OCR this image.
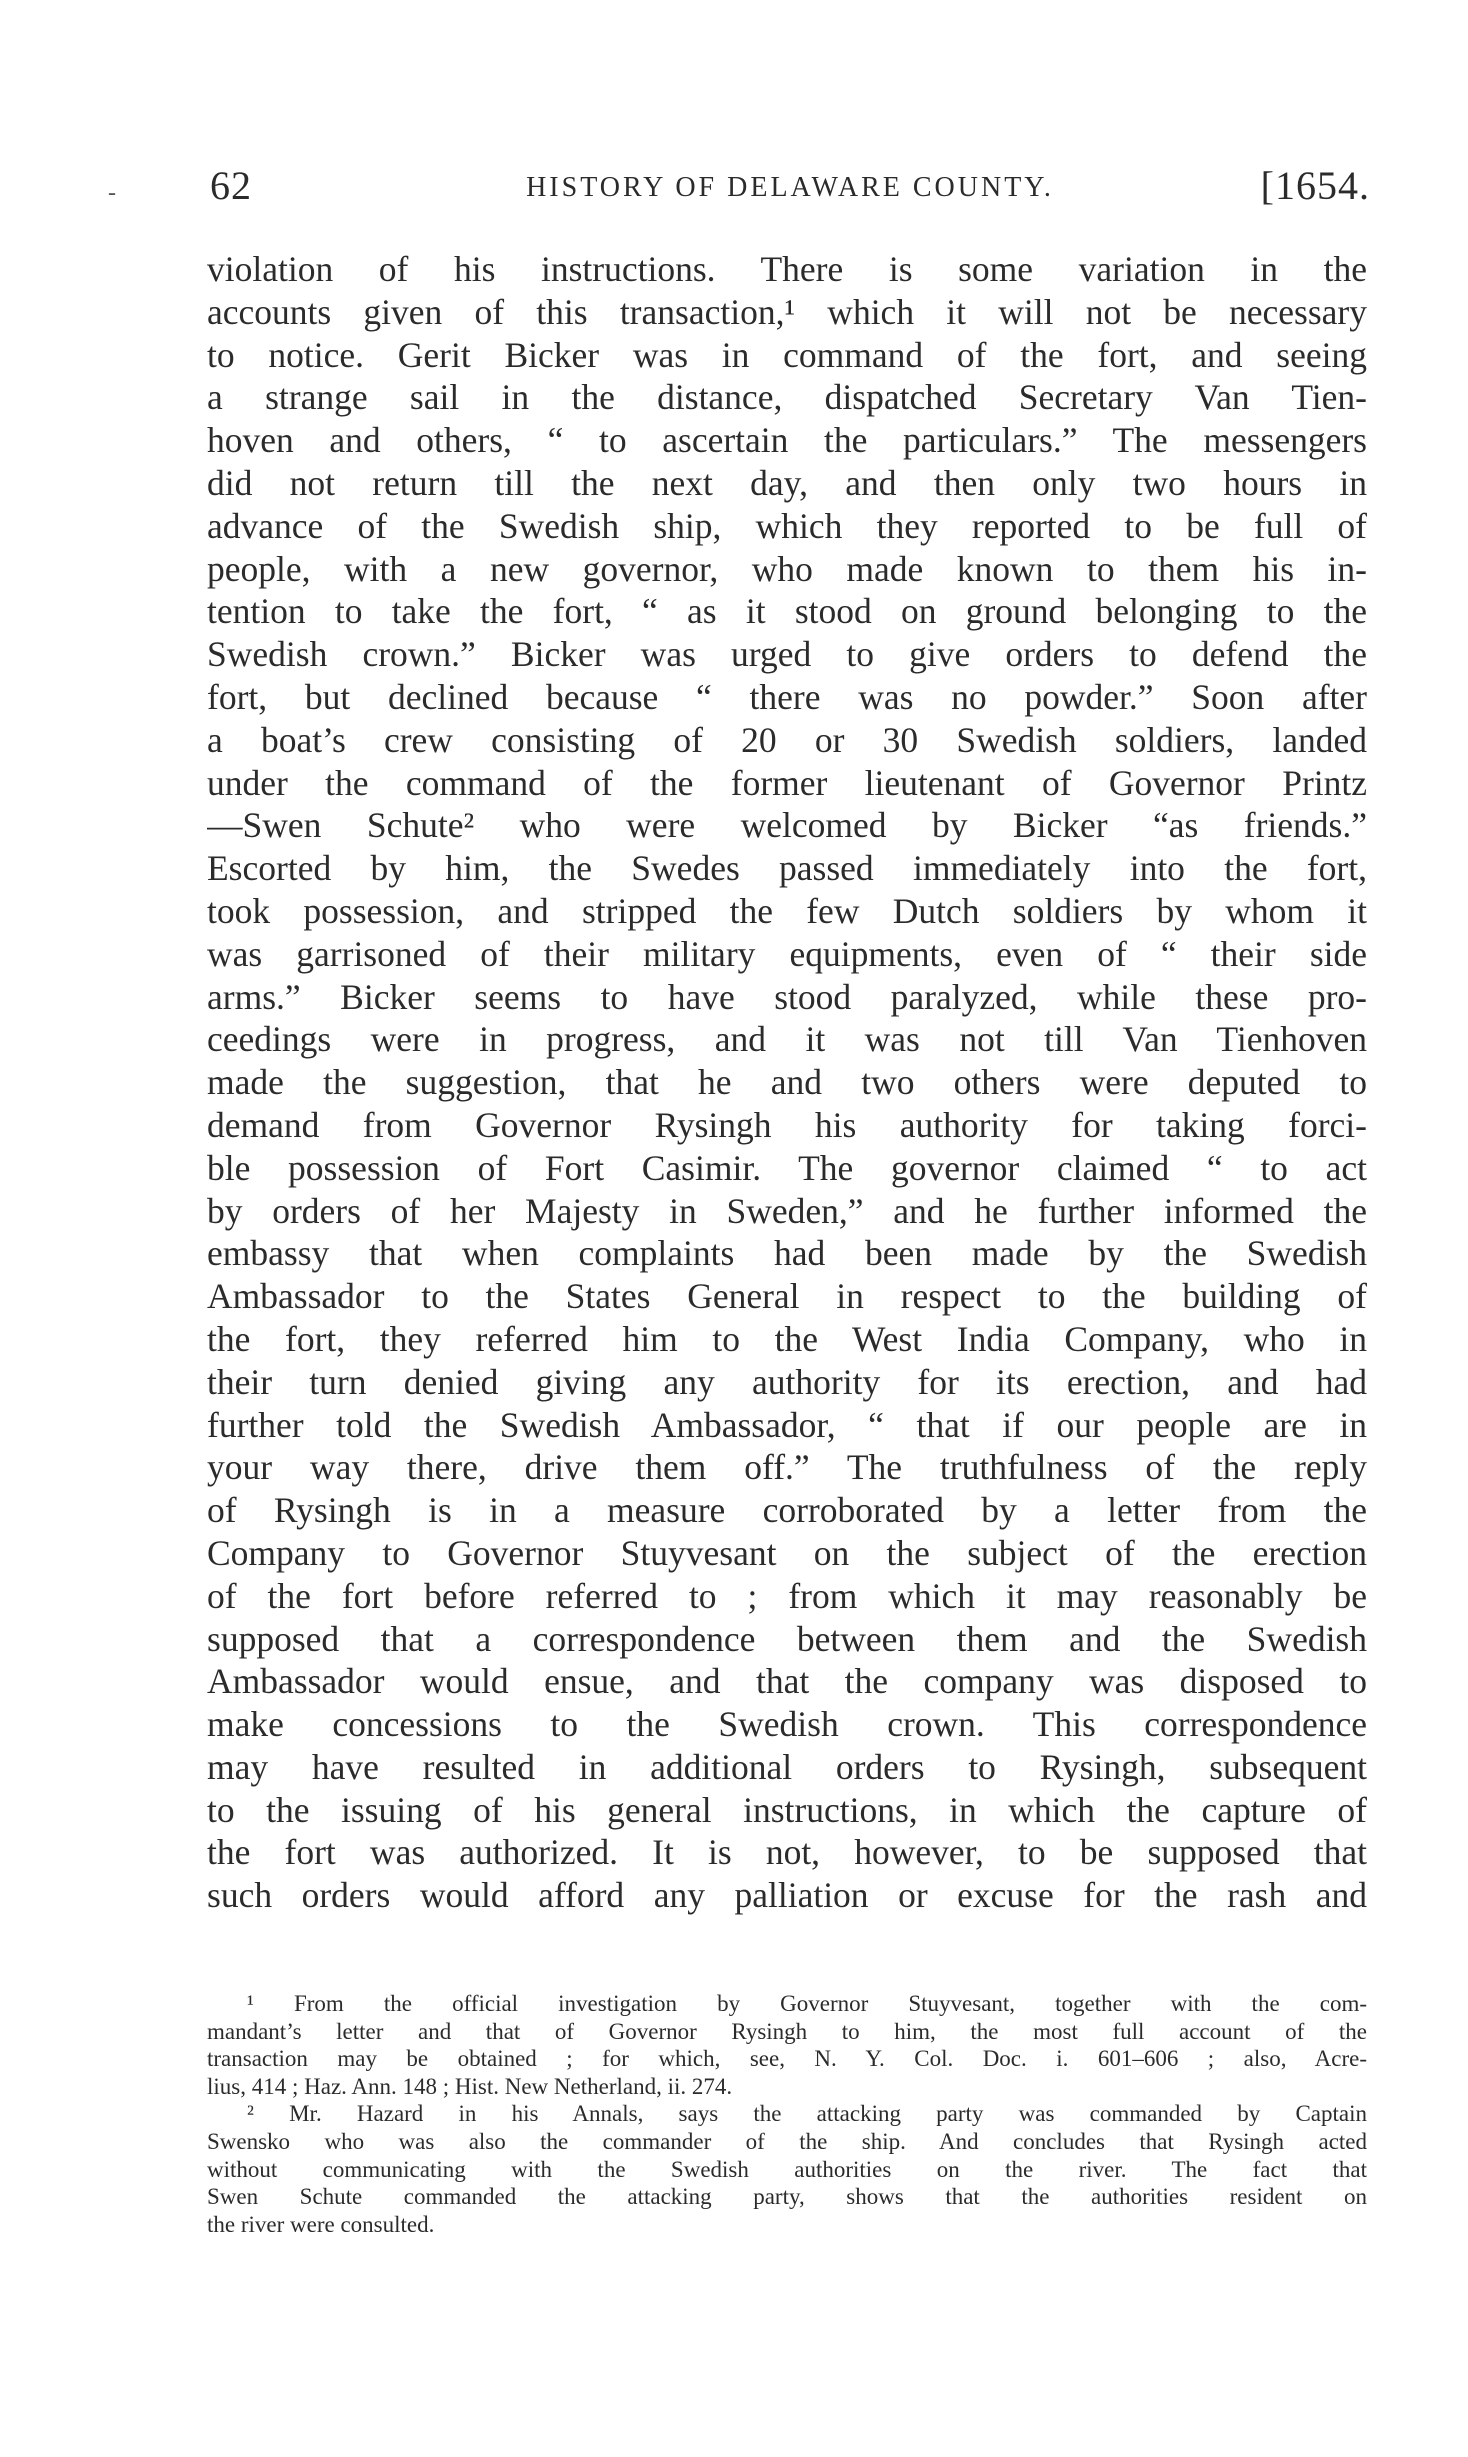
- 62	HISTORY OF DELAWARE COUNTY.	[1654.
violation of his instructions. There is some variation in the
accounts given of this transaction,¹ which it will not be necessary
to notice. Gerit Bicker was in command of the fort, and seeing
a strange sail in the distance, dispatched Secretary Van Tien-
hoven and others, “ to ascertain the particulars.” The messengers
did not return till the next day, and then only two hours in
advance of the Swedish ship, which they reported to be full of
people, with a new governor, who made known to them his in-
tention to take the fort, “ as it stood on ground belonging to the
Swedish crown.” Bicker was urged to give orders to defend the
fort, but declined because “ there was no powder.” Soon after
a boat’s crew consisting of 20 or 30 Swedish soldiers, landed
under the command of the former lieutenant of Governor Printz
—Swen Schute² who were welcomed by Bicker “as friends.”
Escorted by him, the Swedes passed immediately into the fort,
took possession, and stripped the few Dutch soldiers by whom it
was garrisoned of their military equipments, even of “ their side
arms.” Bicker seems to have stood paralyzed, while these pro-
ceedings were in progress, and it was not till Van Tienhoven
made the suggestion, that he and two others were deputed to
demand from Governor Rysingh his authority for taking forci-
ble possession of Fort Casimir. The governor claimed “ to act
by orders of her Majesty in Sweden,” and he further informed the
embassy that when complaints had been made by the Swedish
Ambassador to the States General in respect to the building of
the fort, they referred him to the West India Company, who in
their turn denied giving any authority for its erection, and had
further told the Swedish Ambassador, “ that if our people are in
your way there, drive them off.” The truthfulness of the reply
of Rysingh is in a measure corroborated by a letter from the
Company to Governor Stuyvesant on the subject of the erection
of the fort before referred to ; from which it may reasonably be
supposed that a correspondence between them and the Swedish
Ambassador would ensue, and that the company was disposed to
make concessions to the Swedish crown. This correspondence
may have resulted in additional orders to Rysingh, subsequent
to the issuing of his general instructions, in which the capture of
the fort was authorized. It is not, however, to be supposed that
such orders would afford any palliation or excuse for the rash and
¹ From the official investigation by Governor Stuyvesant, together with the com-
mandant’s letter and that of Governor Rysingh to him, the most full account of the
transaction may be obtained ; for which, see, N. Y. Col. Doc. i. 601–606 ; also, Acre-
lius, 414 ; Haz. Ann. 148 ; Hist. New Netherland, ii. 274.
² Mr. Hazard in his Annals, says the attacking party was commanded by Captain
Swensko who was also the commander of the ship. And concludes that Rysingh acted
without communicating with the Swedish authorities on the river. The fact that
Swen Schute commanded the attacking party, shows that the authorities resident on
the river were consulted.
